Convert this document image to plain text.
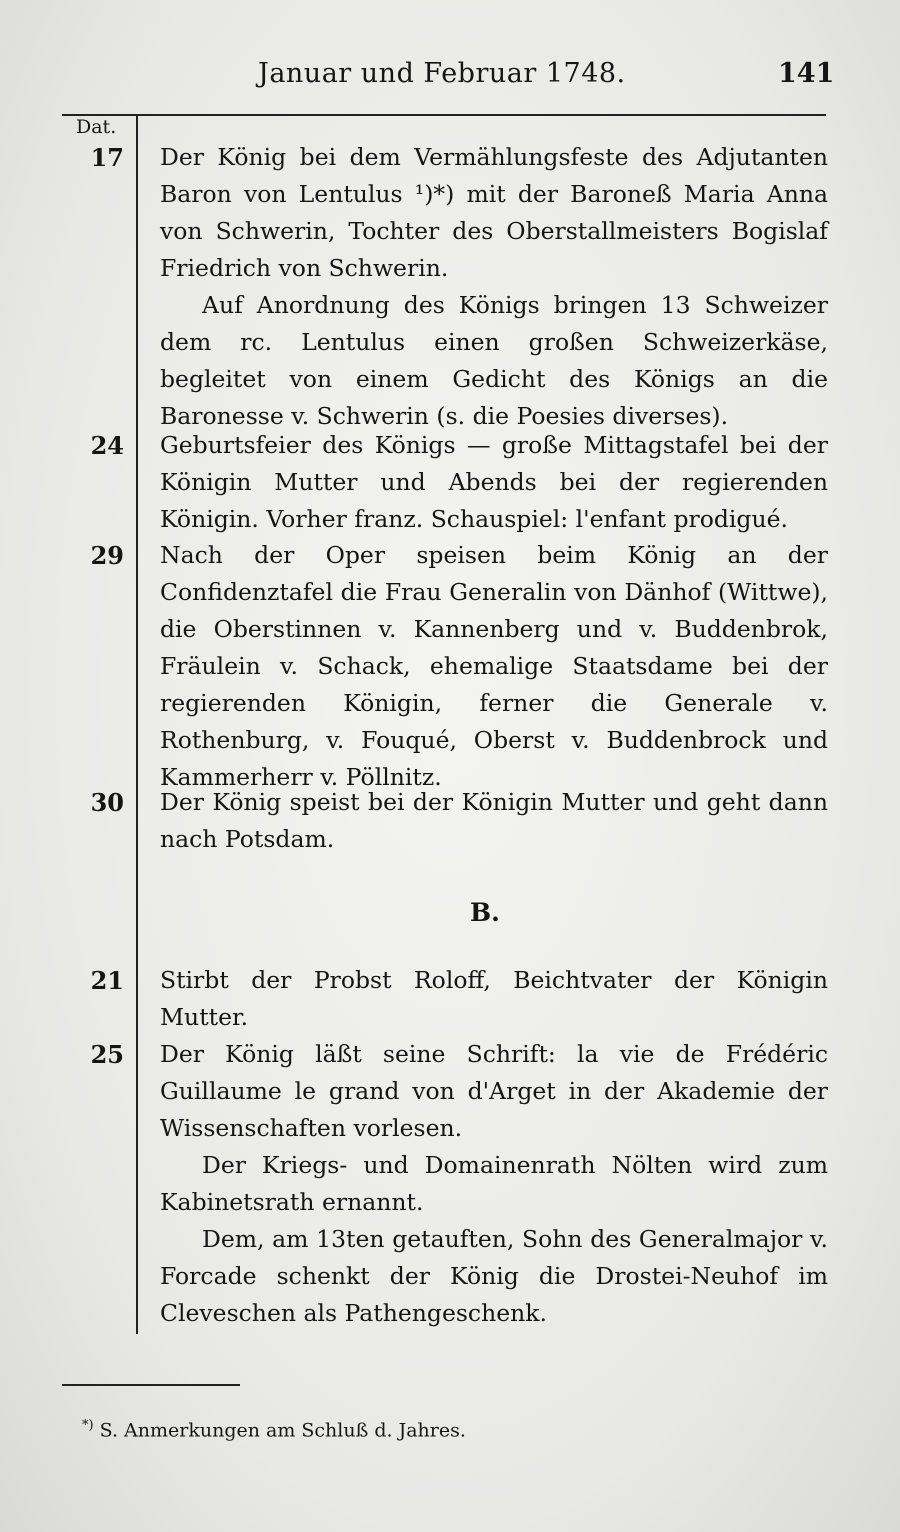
Januar und Februar 1748.	141
Dat.
17 Der König bei dem Vermählungsfeste des Adjutanten Baron von Lentulus ¹)*) mit der Baroneß Maria Anna von Schwerin, Tochter des Oberstallmeisters Bogislaf Friedrich von Schwerin.

Auf Anordnung des Königs bringen 13 Schweizer dem rc. Lentulus einen großen Schweizerkäse, begleitet von einem Gedicht des Königs an die Baronesse v. Schwerin (s. die Poesies diverses).

24 Geburtsfeier des Königs — große Mittagstafel bei der Königin Mutter und Abends bei der regierenden Königin. Vorher franz. Schauspiel: l'enfant prodigué.

29 Nach der Oper speisen beim König an der Confidenztafel die Frau Generalin von Dänhof (Wittwe), die Oberstinnen v. Kannenberg und v. Buddenbrok, Fräulein v. Schack, ehemalige Staatsdame bei der regierenden Königin, ferner die Generale v. Rothenburg, v. Fouqué, Oberst v. Buddenbrock und Kammerherr v. Pöllnitz.

30 Der König speist bei der Königin Mutter und geht dann nach Potsdam.

B.
21 Stirbt der Probst Roloff, Beichtvater der Königin Mutter.

25 Der König läßt seine Schrift: la vie de Frédéric Guillaume le grand von d'Arget in der Akademie der Wissenschaften vorlesen.

Der Kriegs- und Domainenrath Nölten wird zum Kabinetsrath ernannt.

Dem, am 13ten getauften, Sohn des Generalmajor v. Forcade schenkt der König die Drostei-Neuhof im Cleveschen als Pathengeschenk.

*) S. Anmerkungen am Schluß d. Jahres.
